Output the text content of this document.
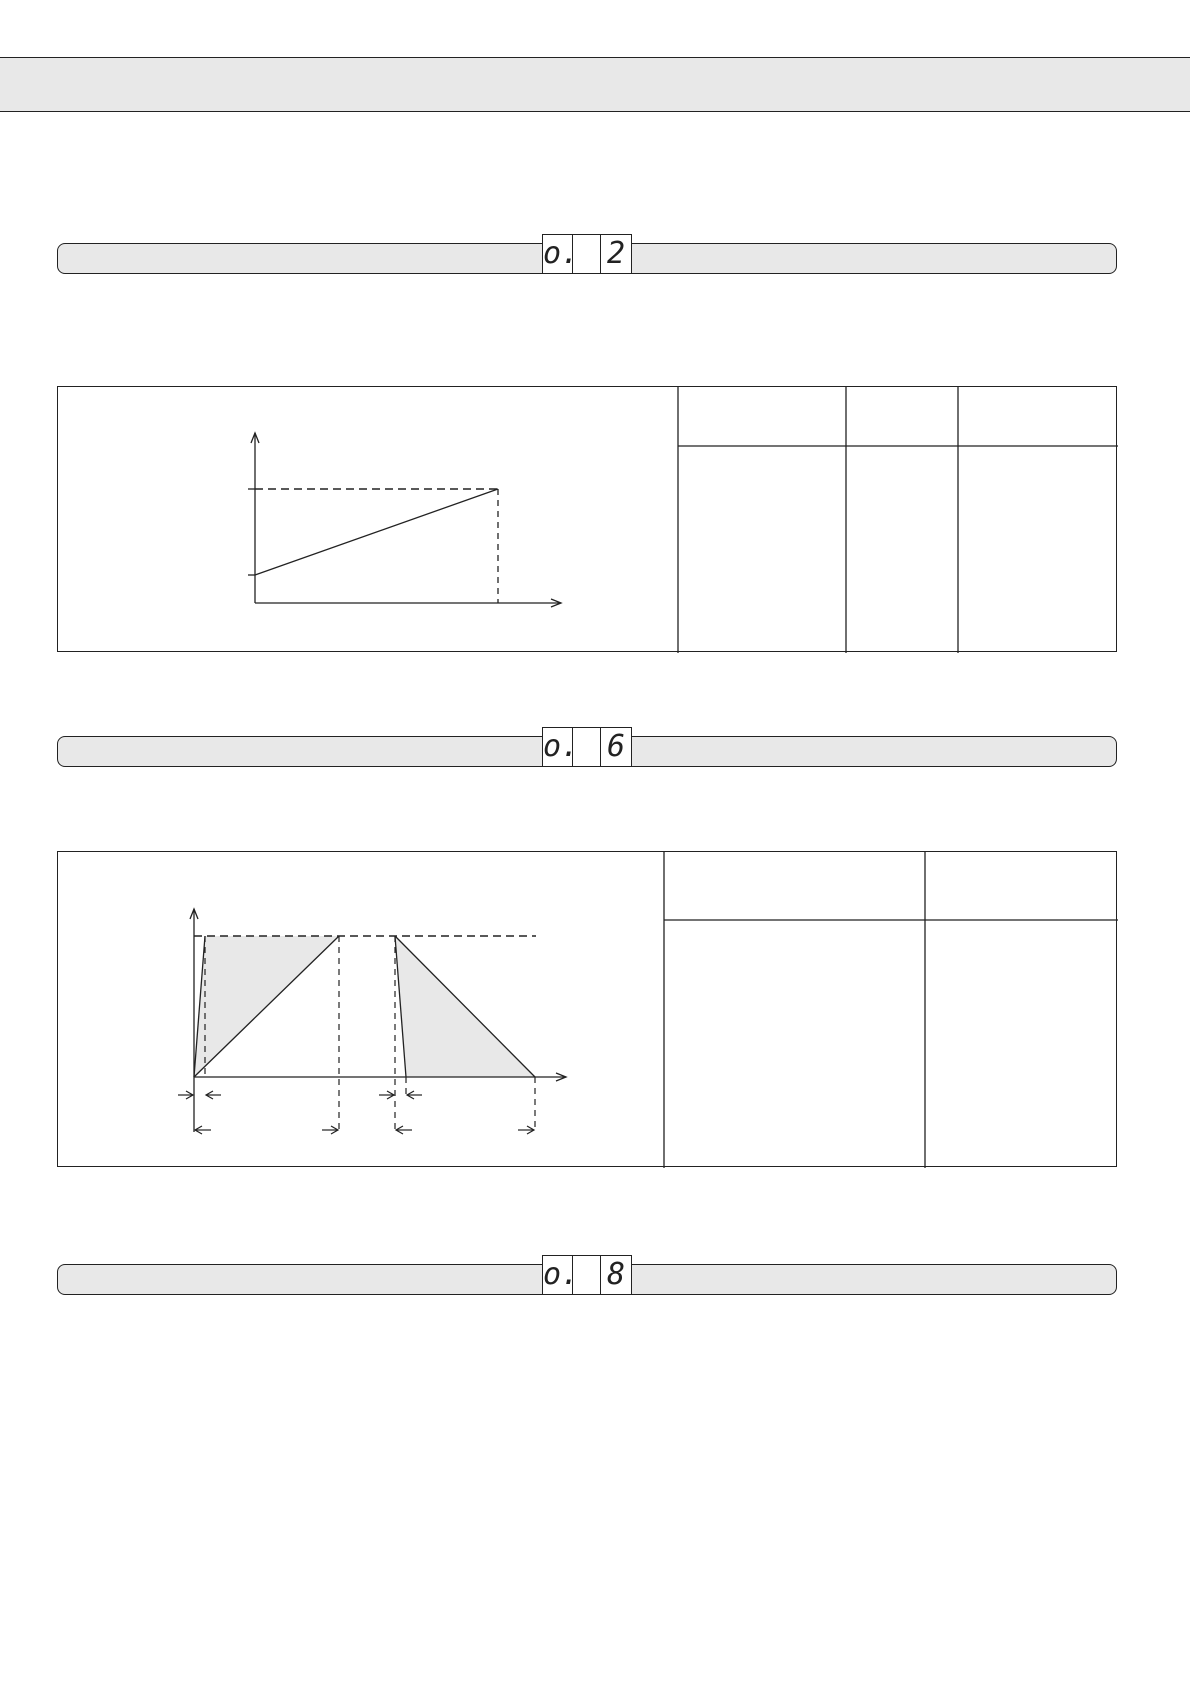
o. 2
o. 6
o. 8
